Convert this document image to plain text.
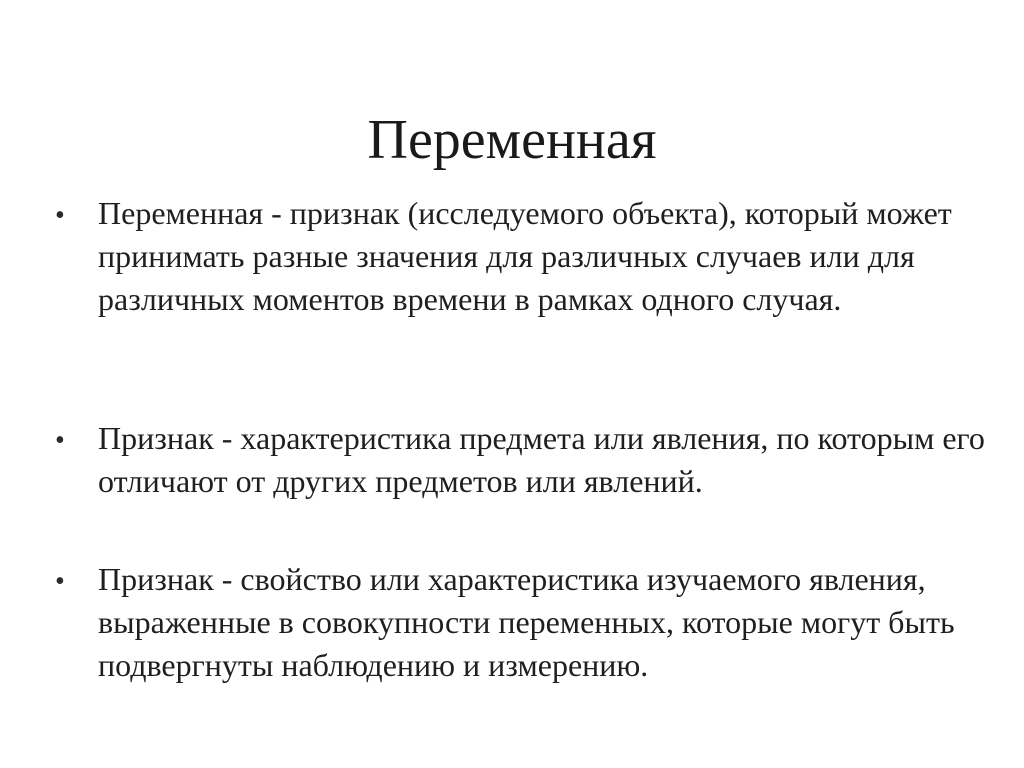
Переменная
• Переменная - признак (исследуемого объекта), который может принимать разные значения для различных случаев или для различных моментов времени в рамках одного случая.

• Признак - характеристика предмета или явления, по которым его отличают от других предметов или явлений.

• Признак - свойство или характеристика изучаемого явления, выраженные в совокупности переменных, которые могут быть подвергнуты наблюдению и измерению.
